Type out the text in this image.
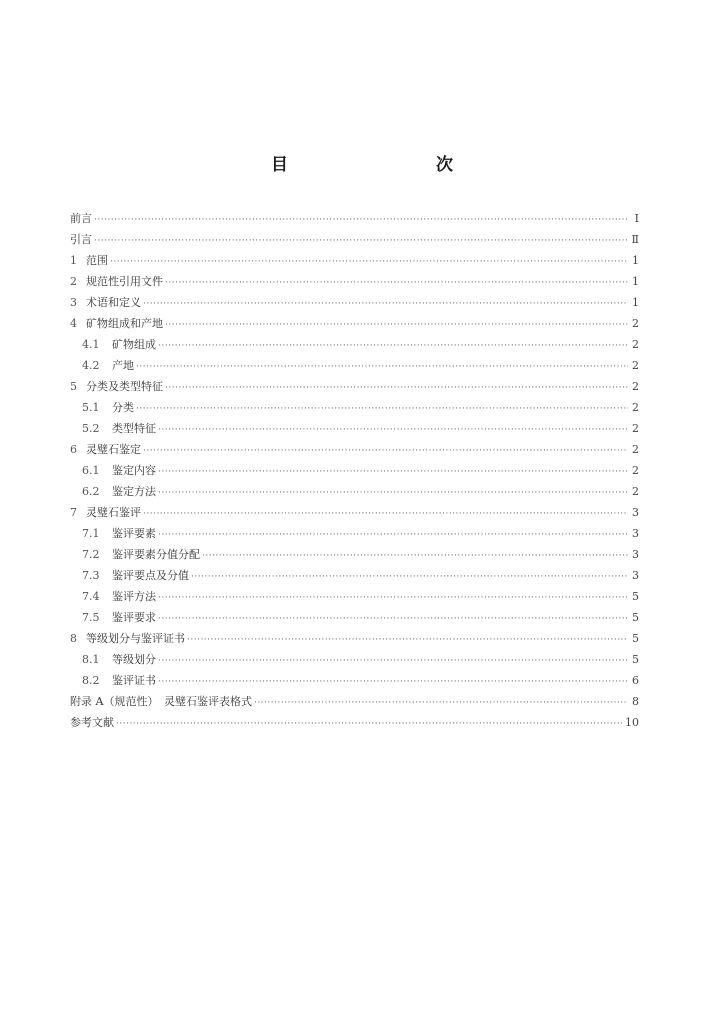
目　　次
前言 ·····	Ⅰ
引言 ·····	Ⅱ
1 范围 ·····	1
2 规范性引用文件 ·····	1
3 术语和定义 ·····	1
4 矿物组成和产地 ·····	2
4.1	矿物组成 ·····	2
4.2	产地 ·····	2
5 分类及类型特征 ·····	2
5.1	分类 ·····	2
5.2	类型特征 ·····	2
6 灵璧石鉴定 ·····	2
6.1	鉴定内容 ·····	2
6.2	鉴定方法 ·····	2
7 灵璧石鉴评 ·····	3
7.1	鉴评要素 ·····	3
7.2	鉴评要素分值分配 ·····	3
7.3	鉴评要点及分值 ·····	3
7.4	鉴评方法 ·····	5
7.5	鉴评要求 ·····	5
8 等级划分与鉴评证书 ·····	5
8.1	等级划分 ·····	5
8.2	鉴评证书 ·····	6
附录 A（规范性）　灵璧石鉴评表格式 ·····	8
参考文献 ·····	10
